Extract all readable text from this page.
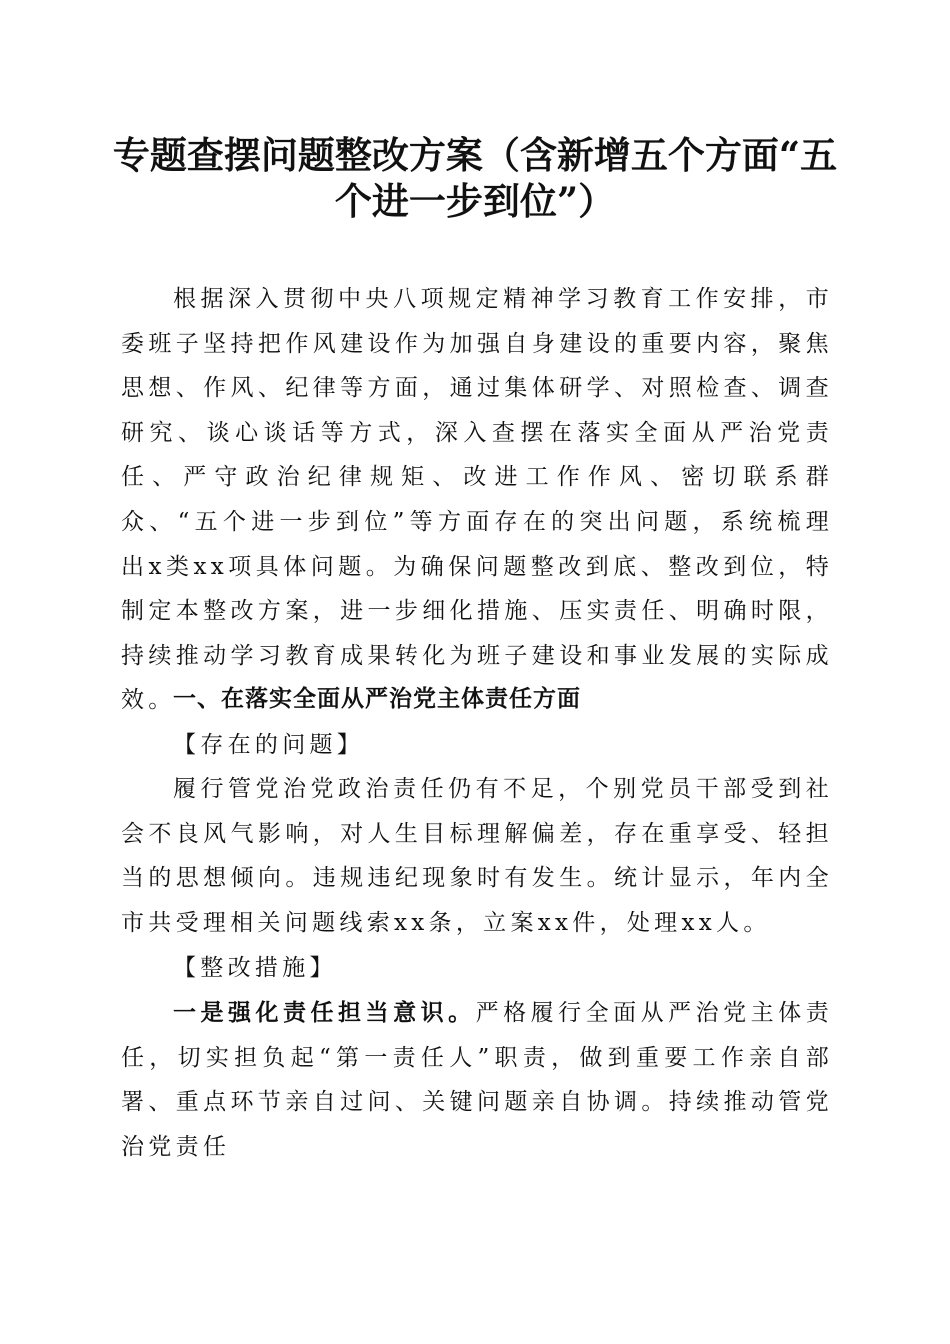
专题查摆问题整改方案（含新增五个方面“五个进一步到位”）

根据深入贯彻中央八项规定精神学习教育工作安排，市委班子坚持把作风建设作为加强自身建设的重要内容，聚焦思想、作风、纪律等方面，通过集体研学、对照检查、调查研究、谈心谈话等方式，深入查摆在落实全面从严治党责任、严守政治纪律规矩、改进工作作风、密切联系群众、“五个进一步到位”等方面存在的突出问题，系统梳理出x类xx项具体问题。为确保问题整改到底、整改到位，特制定本整改方案，进一步细化措施、压实责任、明确时限，持续推动学习教育成果转化为班子建设和事业发展的实际成效。

一、在落实全面从严治党主体责任方面

【存在的问题】

履行管党治党政治责任仍有不足，个别党员干部受到社会不良风气影响，对人生目标理解偏差，存在重享受、轻担当的思想倾向。违规违纪现象时有发生。统计显示，年内全市共受理相关问题线索xx条，立案xx件，处理xx人。

【整改措施】

一是强化责任担当意识。严格履行全面从严治党主体责任，切实担负起“第一责任人”职责，做到重要工作亲自部署、重点环节亲自过问、关键问题亲自协调。持续推动管党治党责任
